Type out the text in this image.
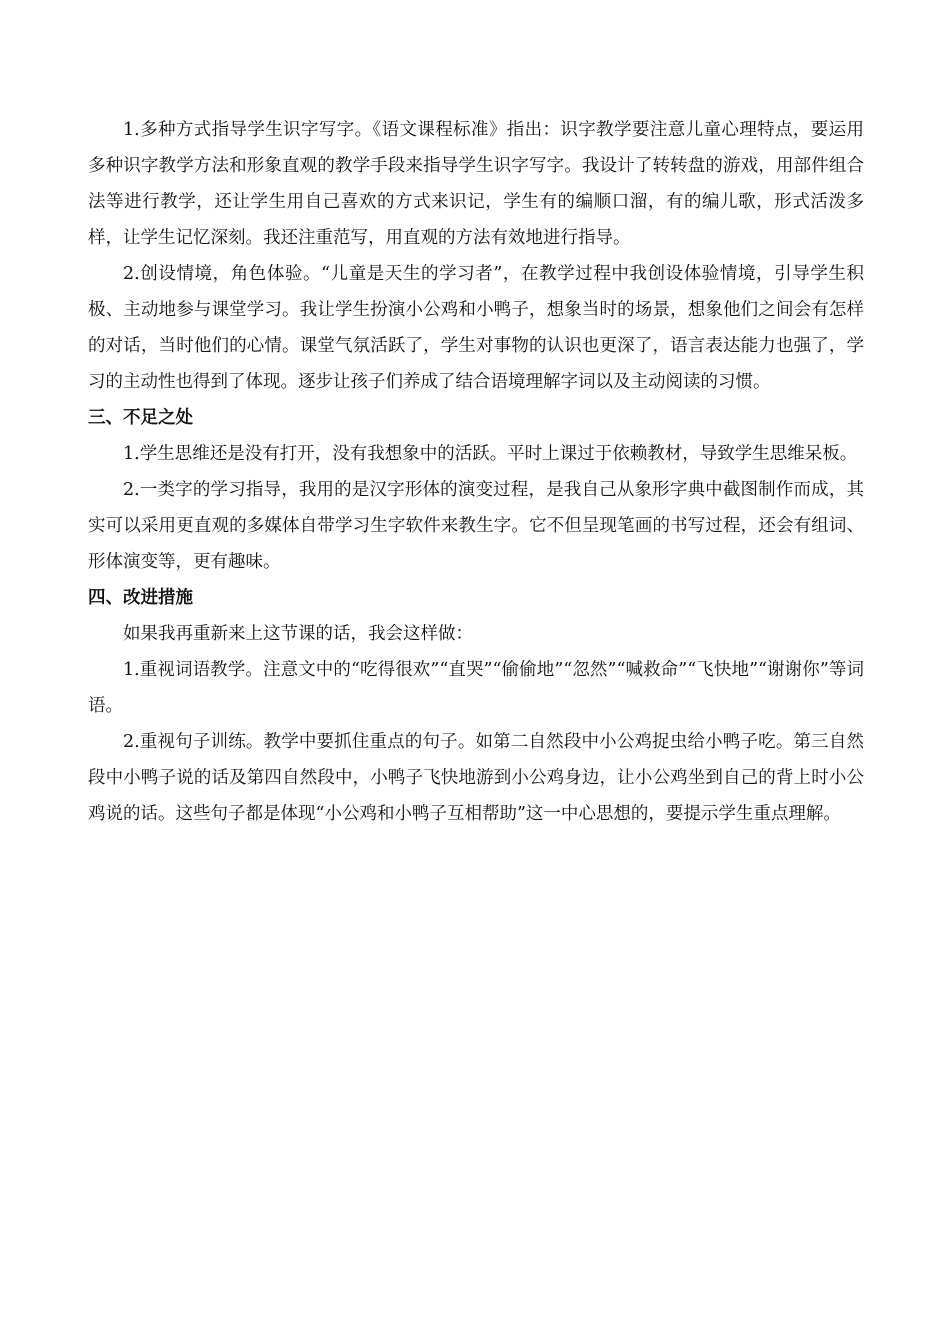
1.多种方式指导学生识字写字。《语文课程标准》指出：识字教学要注意儿童心理特点，要运用多种识字教学方法和形象直观的教学手段来指导学生识字写字。我设计了转转盘的游戏，用部件组合法等进行教学，还让学生用自己喜欢的方式来识记，学生有的编顺口溜，有的编儿歌，形式活泼多样，让学生记忆深刻。我还注重范写，用直观的方法有效地进行指导。

2.创设情境，角色体验。“儿童是天生的学习者”，在教学过程中我创设体验情境，引导学生积极、主动地参与课堂学习。我让学生扮演小公鸡和小鸭子，想象当时的场景，想象他们之间会有怎样的对话，当时他们的心情。课堂气氛活跃了，学生对事物的认识也更深了，语言表达能力也强了，学习的主动性也得到了体现。逐步让孩子们养成了结合语境理解字词以及主动阅读的习惯。

三、不足之处

1.学生思维还是没有打开，没有我想象中的活跃。平时上课过于依赖教材，导致学生思维呆板。

2.一类字的学习指导，我用的是汉字形体的演变过程，是我自己从象形字典中截图制作而成，其实可以采用更直观的多媒体自带学习生字软件来教生字。它不但呈现笔画的书写过程，还会有组词、形体演变等，更有趣味。

四、改进措施

如果我再重新来上这节课的话，我会这样做：

1.重视词语教学。注意文中的“吃得很欢”“直哭”“偷偷地”“忽然”“喊救命”“飞快地”“谢谢你”等词语。

2.重视句子训练。教学中要抓住重点的句子。如第二自然段中小公鸡捉虫给小鸭子吃。第三自然段中小鸭子说的话及第四自然段中，小鸭子飞快地游到小公鸡身边，让小公鸡坐到自己的背上时小公鸡说的话。这些句子都是体现“小公鸡和小鸭子互相帮助”这一中心思想的，要提示学生重点理解。
